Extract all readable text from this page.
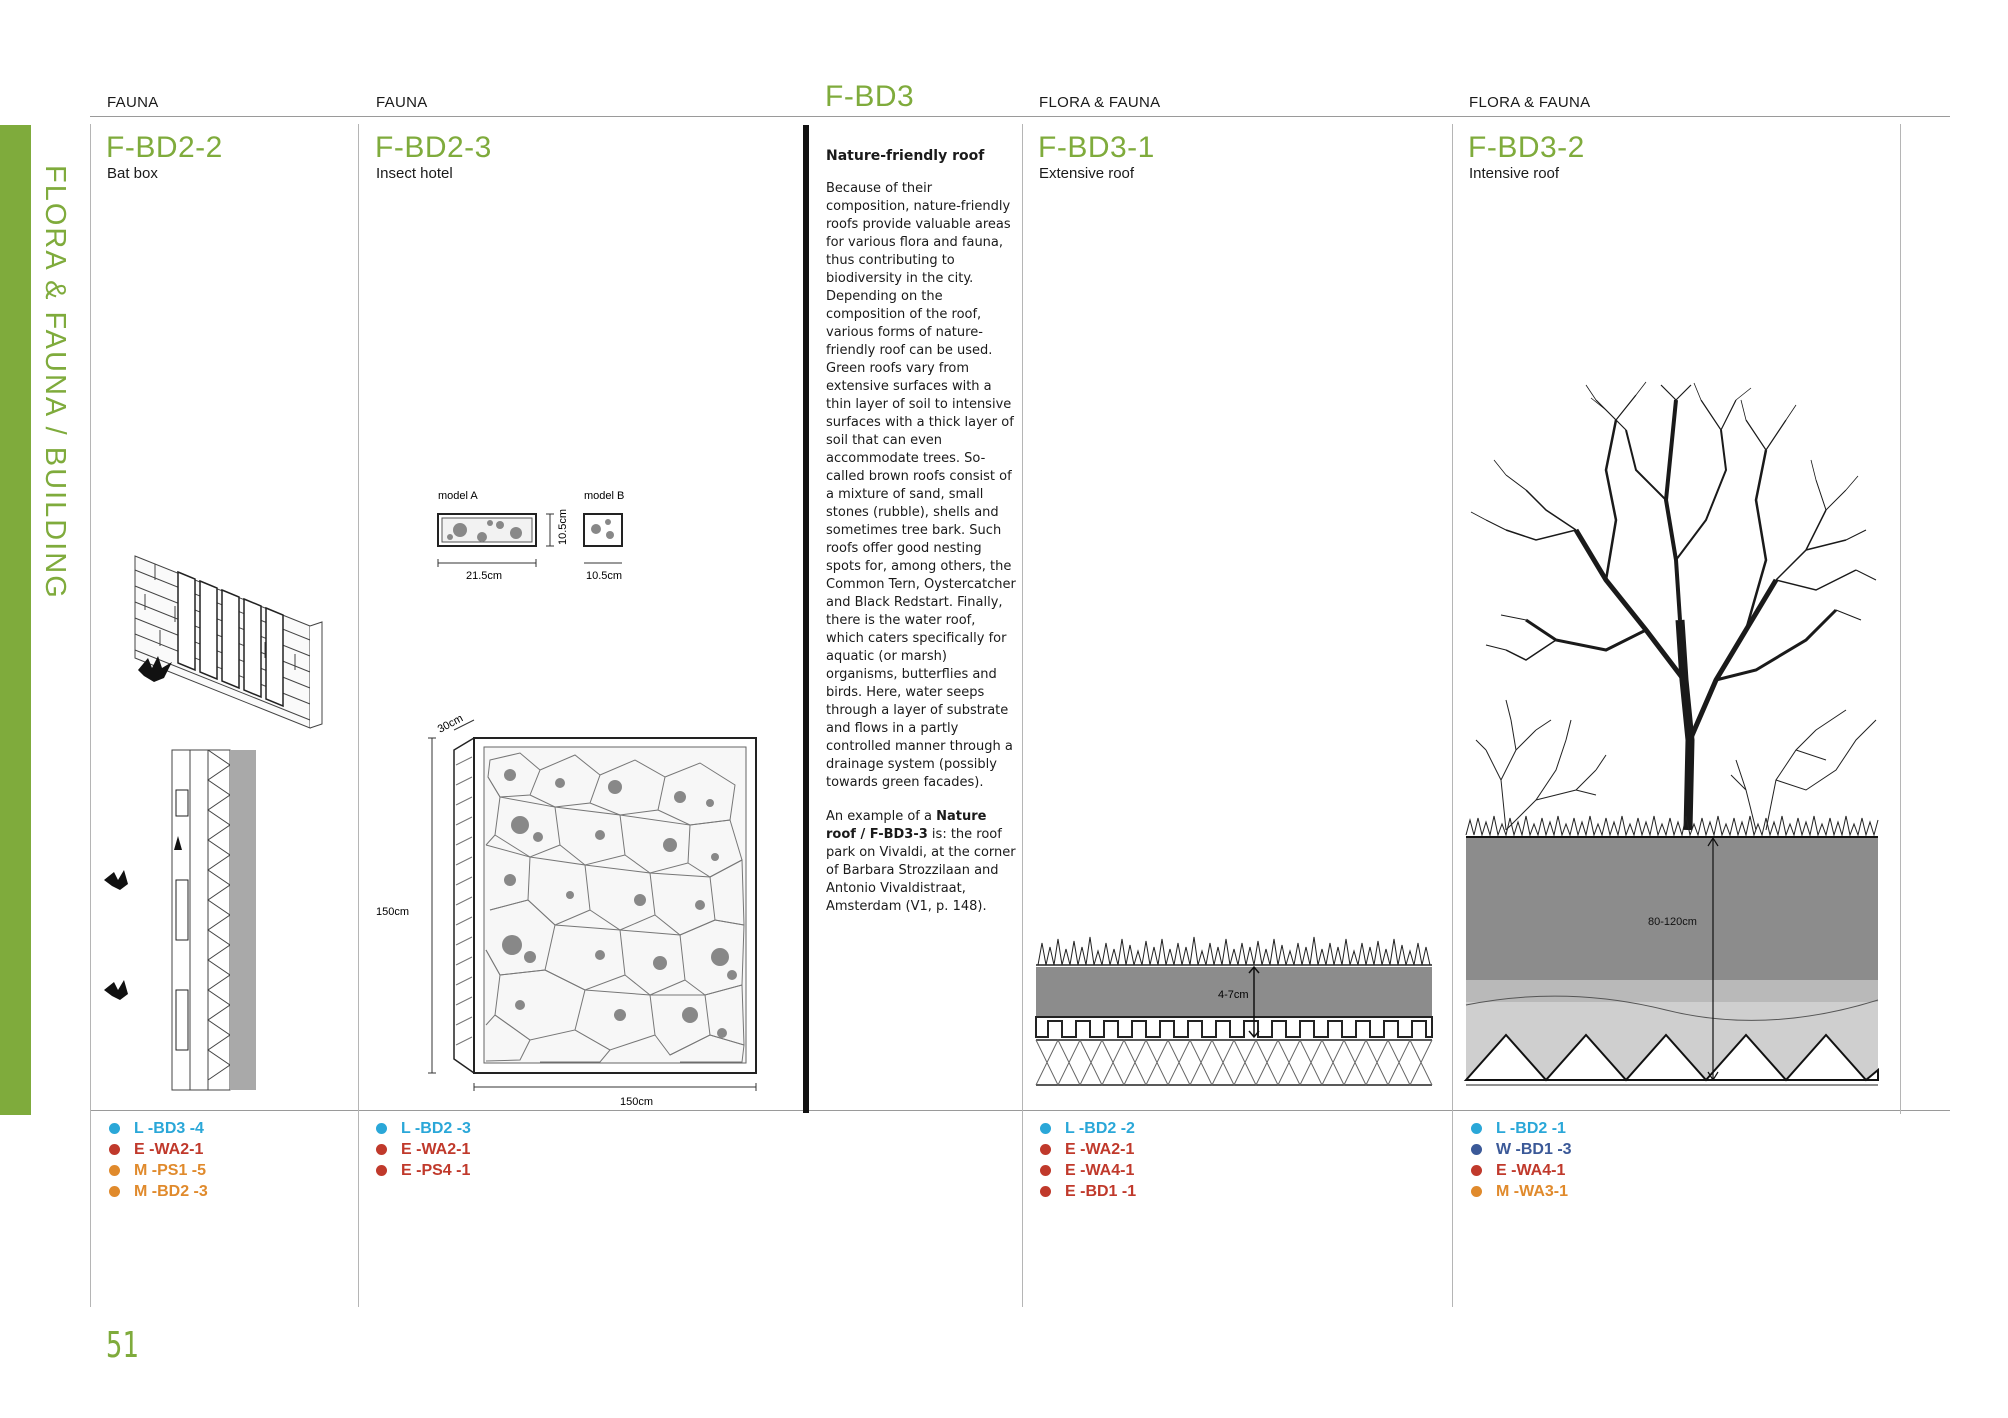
FLORA & FAUNA / BUILDING
FAUNA	FAUNA	FLORA & FAUNA	FLORA & FAUNA
F-BD3
F-BD2-2
Bat box
F-BD2-3
Insect hotel
F-BD3-1
Extensive roof
F-BD3-2
Intensive roof
Nature-friendly roof
Because of their composition, nature-friendly roofs provide valuable areas for various flora and fauna, thus contributing to biodiversity in the city. Depending on the composition of the roof, various forms of nature-friendly roof can be used. Green roofs vary from extensive surfaces with a thin layer of soil to intensive surfaces with a thick layer of soil that can even accommodate trees. So-called brown roofs consist of a mixture of sand, small stones (rubble), shells and sometimes tree bark. Such roofs offer good nesting spots for, among others, the Common Tern, Oystercatcher and Black Redstart. Finally, there is the water roof, which caters specifically for aquatic (or marsh) organisms, butterflies and birds. Here, water seeps through a layer of substrate and flows in a partly controlled manner through a drainage system (possibly towards green facades).
An example of a Nature roof / F-BD3-3 is: the roof park on Vivaldi, at the corner of Barbara Strozzilaan and Antonio Vivaldistraat, Amsterdam (V1, p. 148).
model A	model B
21.5cm
10.5cm
10.5cm
150cm
150cm
30cm
4-7cm
80-120cm
L -BD3 -4
E -WA2-1
M -PS1 -5
M -BD2 -3
L -BD2 -3
E -WA2-1
E -PS4 -1
L -BD2 -2
E -WA2-1
E -WA4-1
E -BD1 -1
L -BD2 -1
W -BD1 -3
E -WA4-1
M -WA3-1
51
